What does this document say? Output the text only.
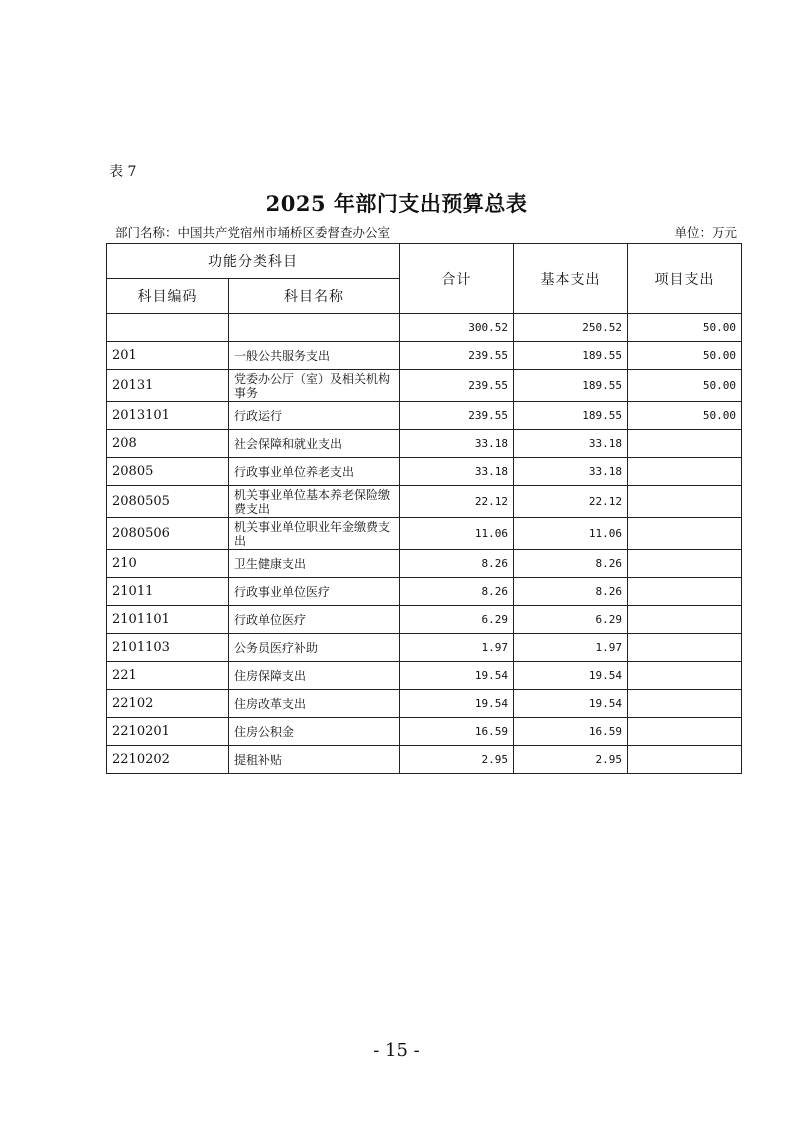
表 7
2025 年部门支出预算总表
部门名称：中国共产党宿州市埇桥区委督查办公室	单位：万元
功能分类科目		合计	基本支出	项目支出
科目编码	科目名称			
		300.52	250.52	50.00
201	一般公共服务支出	239.55	189.55	50.00
20131	党委办公厅（室）及相关机构事务	239.55	189.55	50.00
2013101	行政运行	239.55	189.55	50.00
208	社会保障和就业支出	33.18	33.18	
20805	行政事业单位养老支出	33.18	33.18	
2080505	机关事业单位基本养老保险缴费支出	22.12	22.12	
2080506	机关事业单位职业年金缴费支出	11.06	11.06	
210	卫生健康支出	8.26	8.26	
21011	行政事业单位医疗	8.26	8.26	
2101101	行政单位医疗	6.29	6.29	
2101103	公务员医疗补助	1.97	1.97	
221	住房保障支出	19.54	19.54	
22102	住房改革支出	19.54	19.54	
2210201	住房公积金	16.59	16.59	
2210202	提租补贴	2.95	2.95	
- 15 -
